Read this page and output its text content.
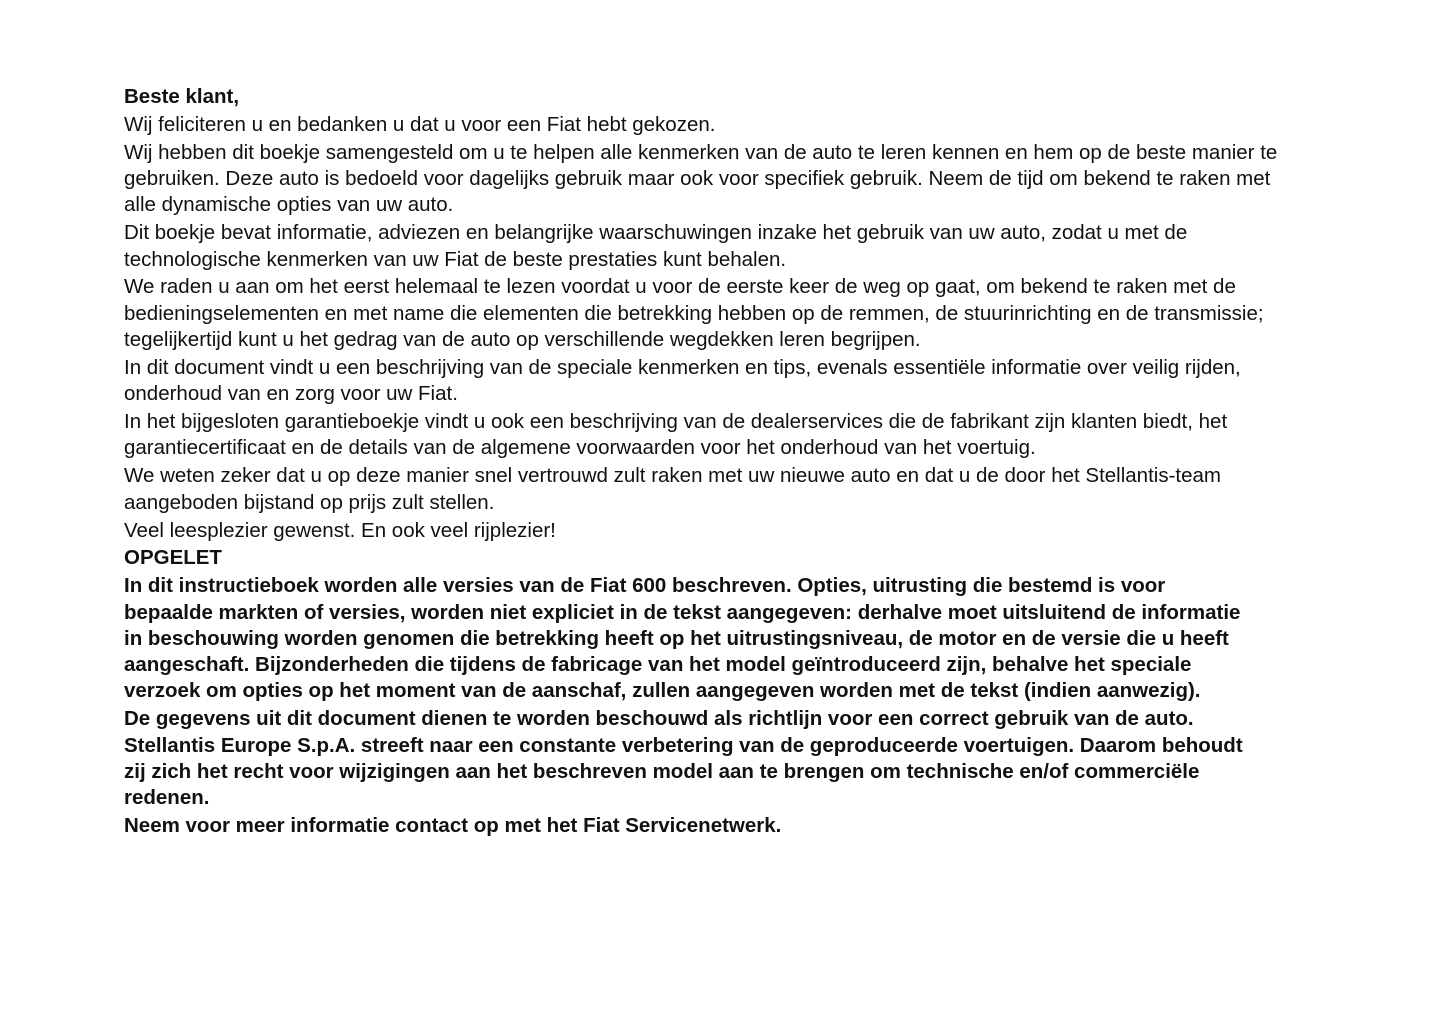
Beste klant,
Wij feliciteren u en bedanken u dat u voor een Fiat hebt gekozen.
Wij hebben dit boekje samengesteld om u te helpen alle kenmerken van de auto te leren kennen en hem op de beste manier te
gebruiken. Deze auto is bedoeld voor dagelijks gebruik maar ook voor specifiek gebruik. Neem de tijd om bekend te raken met
alle dynamische opties van uw auto.
Dit boekje bevat informatie, adviezen en belangrijke waarschuwingen inzake het gebruik van uw auto, zodat u met de
technologische kenmerken van uw Fiat de beste prestaties kunt behalen.
We raden u aan om het eerst helemaal te lezen voordat u voor de eerste keer de weg op gaat, om bekend te raken met de
bedieningselementen en met name die elementen die betrekking hebben op de remmen, de stuurinrichting en de transmissie;
tegelijkertijd kunt u het gedrag van de auto op verschillende wegdekken leren begrijpen.
In dit document vindt u een beschrijving van de speciale kenmerken en tips, evenals essentiële informatie over veilig rijden,
onderhoud van en zorg voor uw Fiat.
In het bijgesloten garantieboekje vindt u ook een beschrijving van de dealerservices die de fabrikant zijn klanten biedt, het
garantiecertificaat en de details van de algemene voorwaarden voor het onderhoud van het voertuig.
We weten zeker dat u op deze manier snel vertrouwd zult raken met uw nieuwe auto en dat u de door het Stellantis-team
aangeboden bijstand op prijs zult stellen.
Veel leesplezier gewenst. En ook veel rijplezier!
OPGELET
In dit instructieboek worden alle versies van de Fiat 600 beschreven. Opties, uitrusting die bestemd is voor
bepaalde markten of versies, worden niet expliciet in de tekst aangegeven: derhalve moet uitsluitend de informatie
in beschouwing worden genomen die betrekking heeft op het uitrustingsniveau, de motor en de versie die u heeft
aangeschaft. Bijzonderheden die tijdens de fabricage van het model geïntroduceerd zijn, behalve het speciale
verzoek om opties op het moment van de aanschaf, zullen aangegeven worden met de tekst (indien aanwezig).
De gegevens uit dit document dienen te worden beschouwd als richtlijn voor een correct gebruik van de auto.
Stellantis Europe S.p.A. streeft naar een constante verbetering van de geproduceerde voertuigen. Daarom behoudt
zij zich het recht voor wijzigingen aan het beschreven model aan te brengen om technische en/of commerciële
redenen.
Neem voor meer informatie contact op met het Fiat Servicenetwerk.
